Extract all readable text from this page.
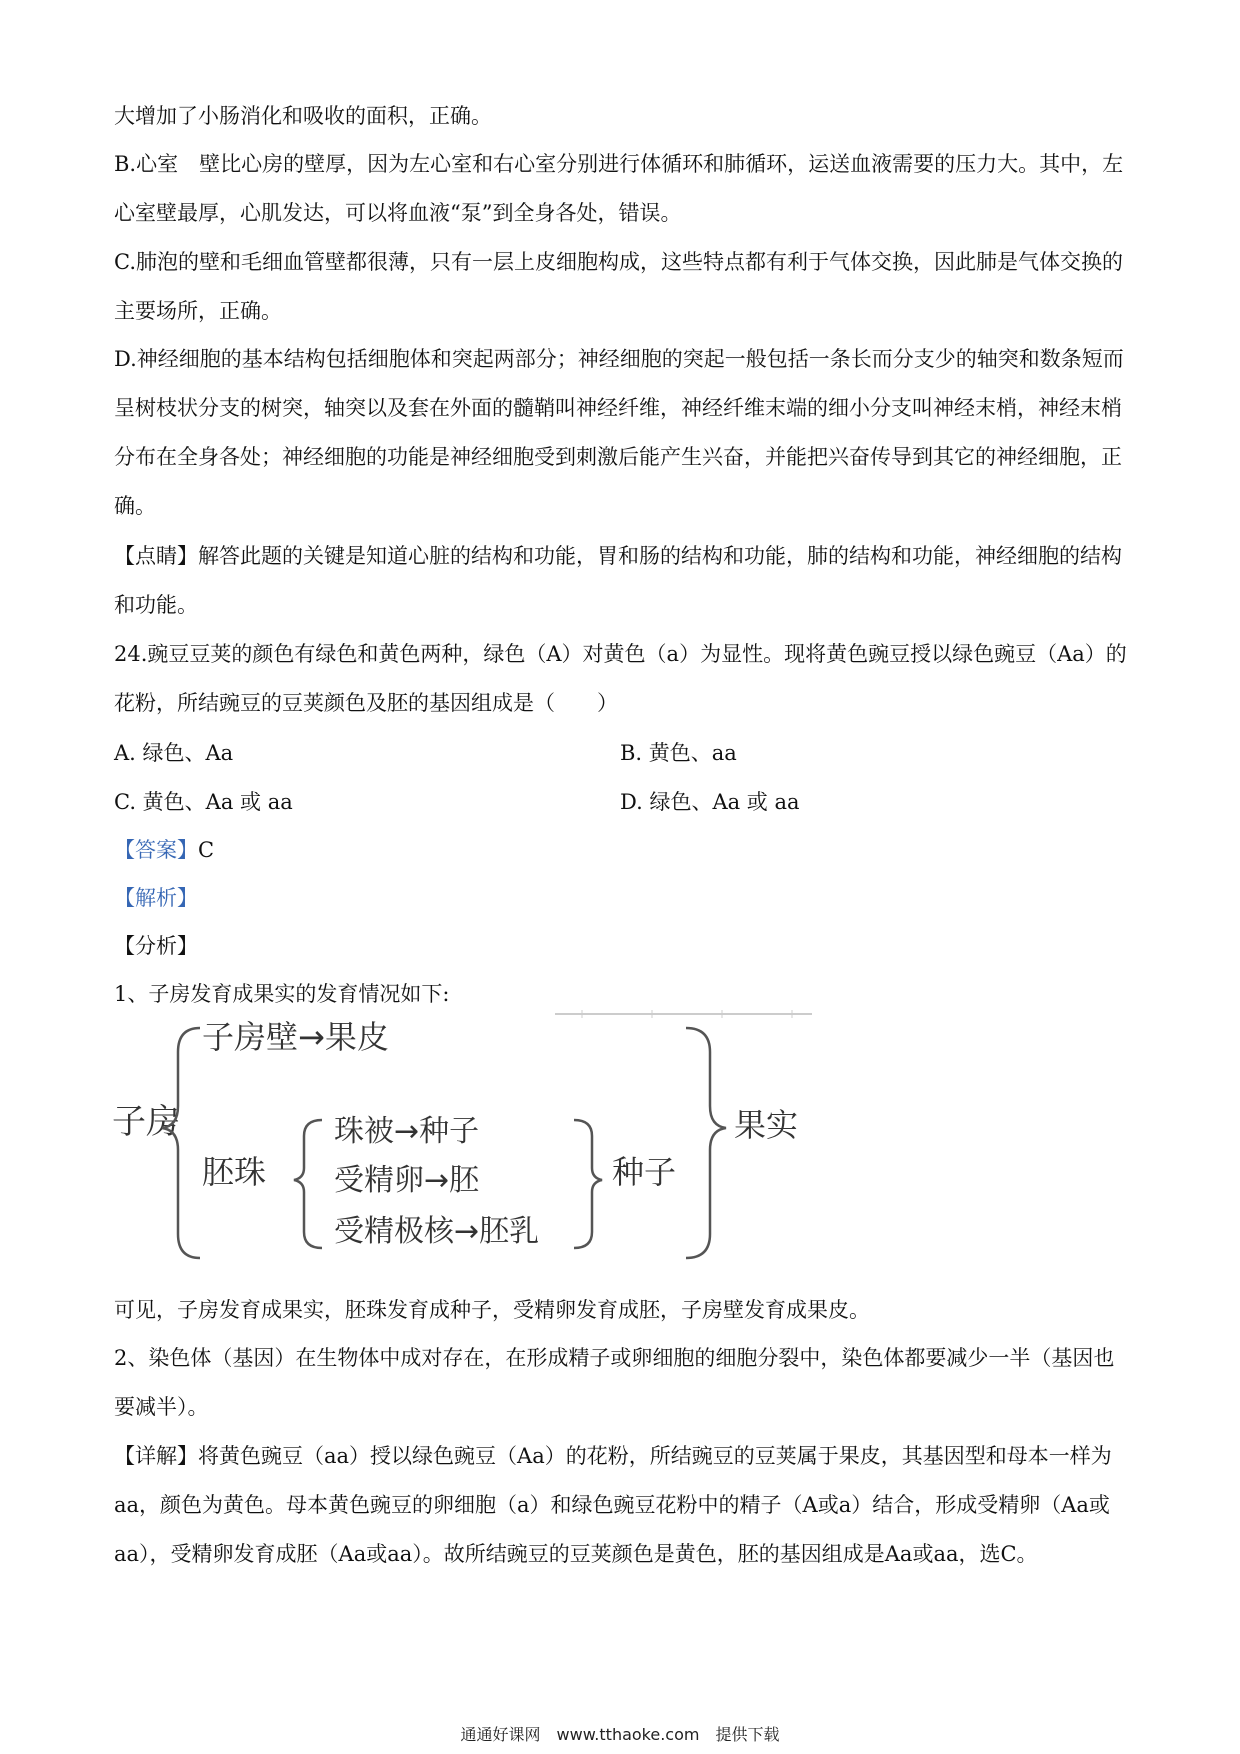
大增加了小肠消化和吸收的面积，正确。

B.心室　壁比心房的壁厚，因为左心室和右心室分别进行体循环和肺循环，运送血液需要的压力大。其中，左心室壁最厚，心肌发达，可以将血液“泵”到全身各处，错误。

C.肺泡的壁和毛细血管壁都很薄，只有一层上皮细胞构成，这些特点都有利于气体交换，因此肺是气体交换的主要场所，正确。

D.神经细胞的基本结构包括细胞体和突起两部分；神经细胞的突起一般包括一条长而分支少的轴突和数条短而呈树枝状分支的树突，轴突以及套在外面的髓鞘叫神经纤维，神经纤维末端的细小分支叫神经末梢，神经末梢分布在全身各处；神经细胞的功能是神经细胞受到刺激后能产生兴奋，并能把兴奋传导到其它的神经细胞，正确。

【点睛】解答此题的关键是知道心脏的结构和功能，胃和肠的结构和功能，肺的结构和功能，神经细胞的结构和功能。

24.豌豆豆荚的颜色有绿色和黄色两种，绿色（A）对黄色（a）为显性。现将黄色豌豆授以绿色豌豆（Aa）的花粉，所结豌豆的豆荚颜色及胚的基因组成是（　　）

A. 绿色、Aa	B. 黄色、aa
C. 黄色、Aa 或 aa	D. 绿色、Aa 或 aa

【答案】C

【解析】

【分析】

1、子房发育成果实的发育情况如下:

子房
子房壁→果皮
胚珠
珠被→种子
受精卵→胚
受精极核→胚乳
种子
果实

可见，子房发育成果实，胚珠发育成种子，受精卵发育成胚，子房壁发育成果皮。

2、染色体（基因）在生物体中成对存在，在形成精子或卵细胞的细胞分裂中，染色体都要减少一半（基因也要减半）。

【详解】将黄色豌豆（aa）授以绿色豌豆（Aa）的花粉，所结豌豆的豆荚属于果皮，其基因型和母本一样为aa，颜色为黄色。母本黄色豌豆的卵细胞（a）和绿色豌豆花粉中的精子（A或a）结合，形成受精卵（Aa或aa），受精卵发育成胚（Aa或aa）。故所结豌豆的豆荚颜色是黄色，胚的基因组成是Aa或aa，选C。

通通好课网　www.tthaoke.com　提供下载
